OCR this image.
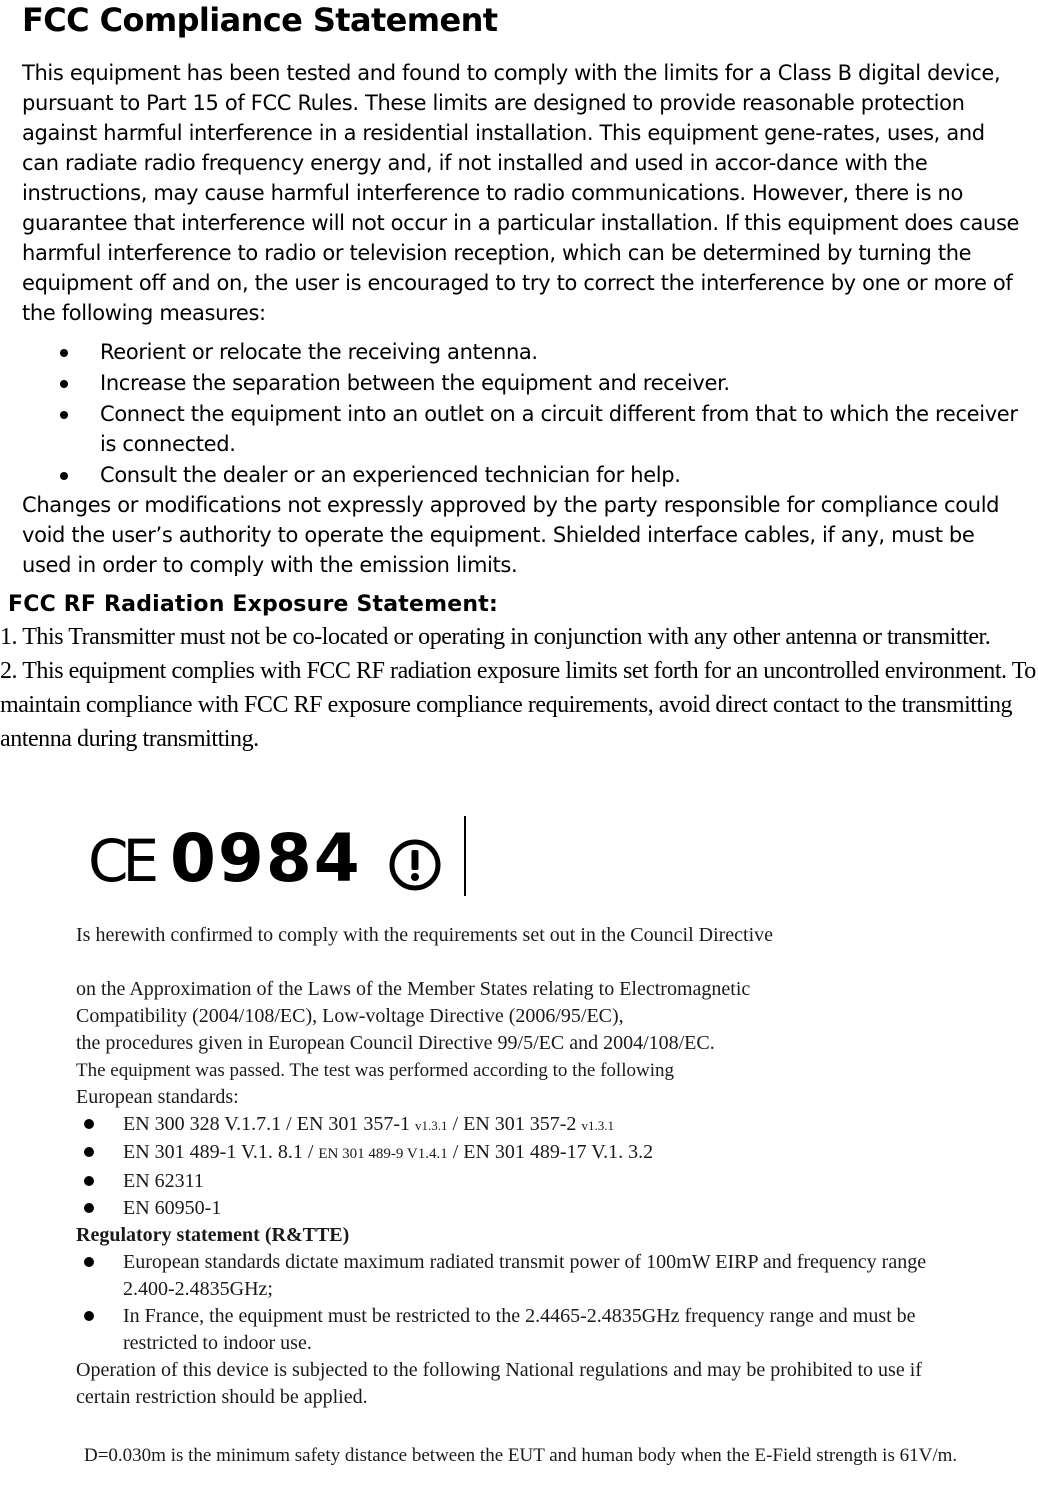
FCC Compliance Statement

This equipment has been tested and found to comply with the limits for a Class B digital device, pursuant to Part 15 of FCC Rules. These limits are designed to provide reasonable protection against harmful interference in a residential installation. This equipment gene-rates, uses, and can radiate radio frequency energy and, if not installed and used in accor-dance with the instructions, may cause harmful interference to radio communications. However, there is no guarantee that interference will not occur in a particular installation. If this equipment does cause harmful interference to radio or television reception, which can be determined by turning the equipment off and on, the user is encouraged to try to correct the interference by one or more of the following measures:

Reorient or relocate the receiving antenna.
Increase the separation between the equipment and receiver.
Connect the equipment into an outlet on a circuit different from that to which the receiver is connected.
Consult the dealer or an experienced technician for help.

Changes or modifications not expressly approved by the party responsible for compliance could void the user’s authority to operate the equipment. Shielded interface cables, if any, must be used in order to comply with the emission limits.

FCC RF Radiation Exposure Statement:

1. This Transmitter must not be co-located or operating in conjunction with any other antenna or transmitter.

2. This equipment complies with FCC RF radiation exposure limits set forth for an uncontrolled environment. To maintain compliance with FCC RF exposure compliance requirements, avoid direct contact to the transmitting antenna during transmitting.

CE 0984

Is herewith confirmed to comply with the requirements set out in the Council Directive

on the Approximation of the Laws of the Member States relating to Electromagnetic

Compatibility (2004/108/EC), Low-voltage Directive (2006/95/EC),

the procedures given in European Council Directive 99/5/EC and 2004/108/EC.

The equipment was passed. The test was performed according to the following

European standards:

EN 300 328 V.1.7.1 / EN 301 357-1 v1.3.1 / EN 301 357-2 v1.3.1
EN 301 489-1 V.1. 8.1 / EN 301 489-9 V1.4.1 / EN 301 489-17 V.1. 3.2
EN 62311
EN 60950-1

Regulatory statement (R&TTE)

European standards dictate maximum radiated transmit power of 100mW EIRP and frequency range 2.400-2.4835GHz;
In France, the equipment must be restricted to the 2.4465-2.4835GHz frequency range and must be restricted to indoor use.

Operation of this device is subjected to the following National regulations and may be prohibited to use if certain restriction should be applied.

D=0.030m is the minimum safety distance between the EUT and human body when the E-Field strength is 61V/m.
